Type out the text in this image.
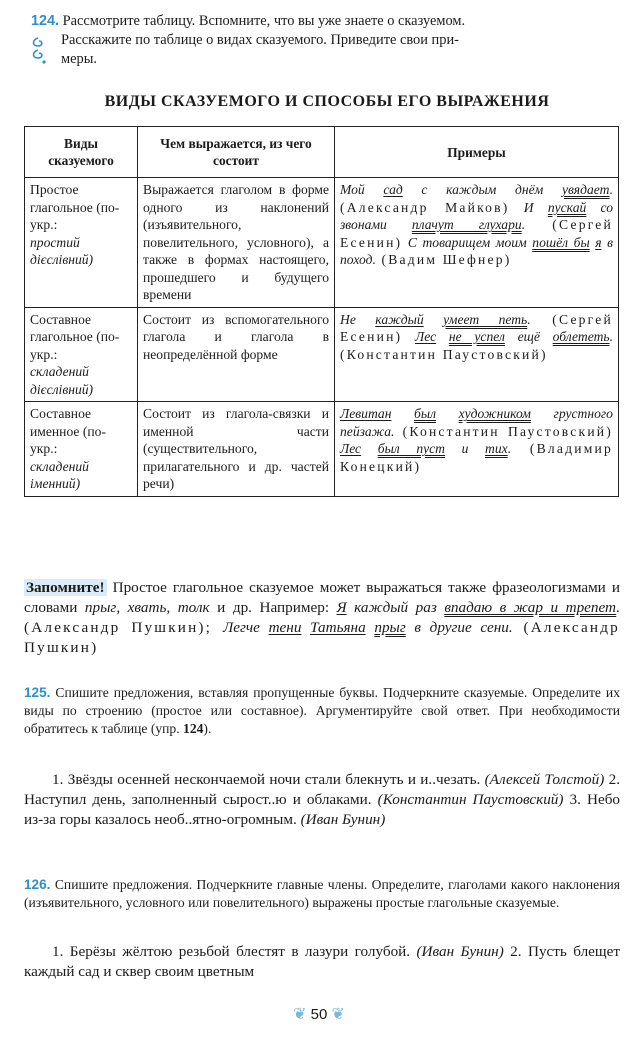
124. Рассмотрите таблицу. Вспомните, что вы уже знаете о сказуемом.

Расскажите по таблице о видах сказуемого. Приведите свои при-
меры.
ВИДЫ СКАЗУЕМОГО И СПОСОБЫ ЕГО ВЫРАЖЕНИЯ
Виды сказуемого	Чем выражается, из чего состоит	Примеры
Простое глагольное (по-укр.:
простий дієслівний)	Выражается глаголом в форме одного из наклонений (изъявительного, повелительного, условного), а также в формах настоящего, прошедшего и будущего времени	Мой сад с каждым днём увядает. (Александр Майков) И пускай со звонами плачут глухари. (Сергей Есенин) С товарищем моим пошёл бы я в поход. (Вадим Шефнер)
Составное глагольное (по-укр.:
складений дієслівний)	Состоит из вспомогательного глагола и глагола в неопределённой форме	Не каждый умеет петь. (Сергей Есенин) Лес не успел ещё облететь. (Константин Паустовский)
Составное именное (по-укр.:
складений іменний)	Состоит из глагола-связки и именной части (существительного, прилагательного и др. частей речи)	Левитан был художником грустного пейзажа. (Константин Паустовский) Лес был пуст и тих. (Владимир Конецкий)
Запомните! Простое глагольное сказуемое может выражаться также фразеологизмами и словами прыг, хвать, толк и др. Например: Я каждый раз впадаю в жар и трепет. (Александр Пушкин); Легче тени Татьяна прыг в другие сени. (Александр Пушкин)

125. Спишите предложения, вставляя пропущенные буквы. Подчеркните сказуемые. Определите их виды по строению (простое или составное). Аргументируйте свой ответ. При необходимости обратитесь к таблице (упр. 124).

1. Звёзды осенней нескончаемой ночи стали блекнуть и и..чезать. (Алексей Толстой) 2. Наступил день, заполненный сырост..ю и облаками. (Константин Паустовский) 3. Небо из-за горы казалось необ..ятно-огромным. (Иван Бунин)

126. Спишите предложения. Подчеркните главные члены. Определите, глаголами какого наклонения (изъявительного, условного или повелительного) выражены простые глагольные сказуемые.

1. Берёзы жёлтою резьбой блестят в лазури голубой. (Иван Бунин) 2. Пусть блещет каждый сад и сквер своим цветным
❦ 50 ❦
